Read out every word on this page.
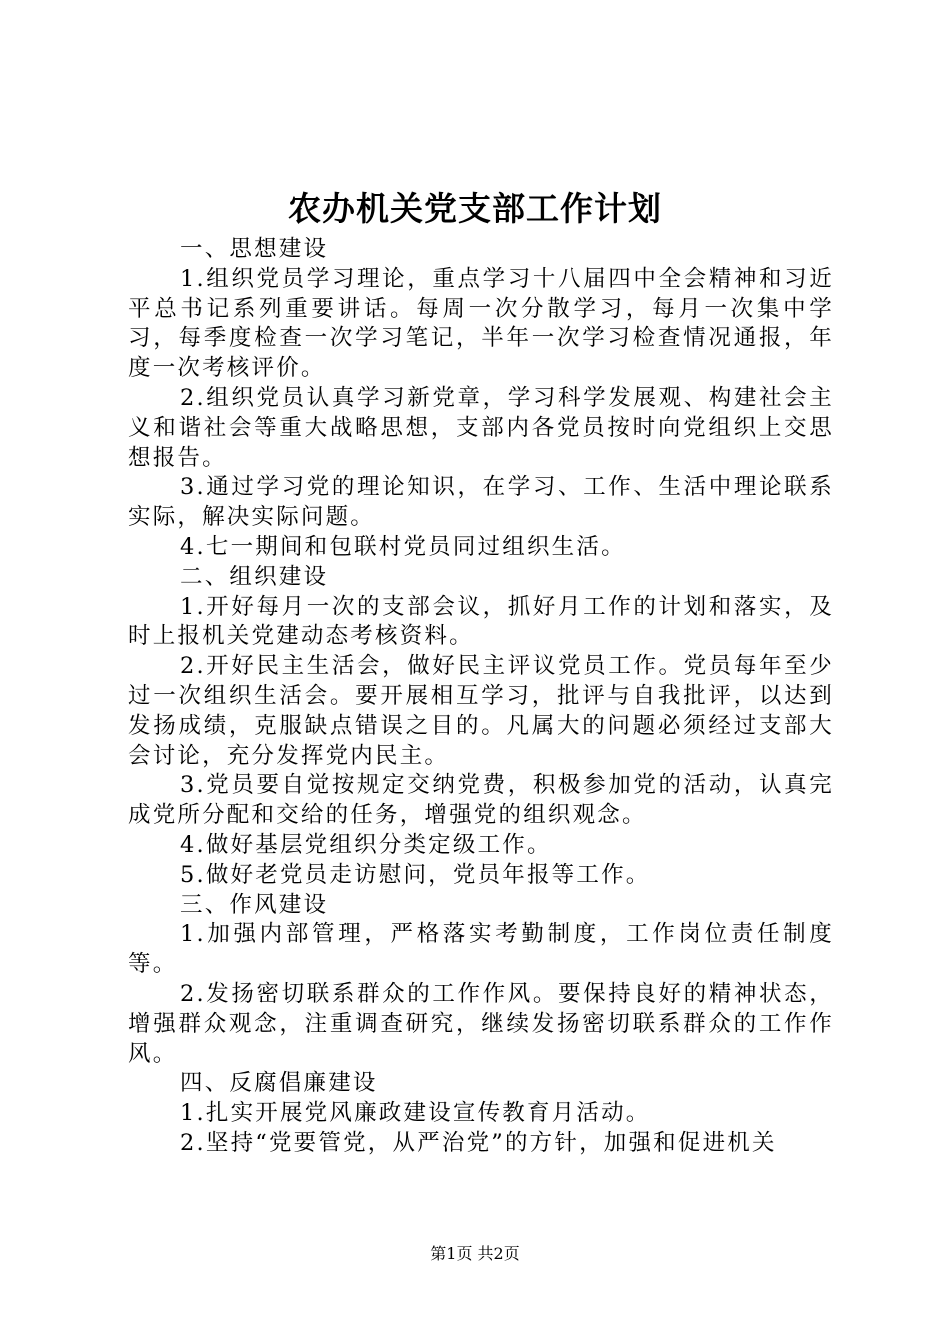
农办机关党支部工作计划

一、思想建设

1.组织党员学习理论，重点学习十八届四中全会精神和习近平总书记系列重要讲话。每周一次分散学习，每月一次集中学习，每季度检查一次学习笔记，半年一次学习检查情况通报，年度一次考核评价。

2.组织党员认真学习新党章，学习科学发展观、构建社会主义和谐社会等重大战略思想，支部内各党员按时向党组织上交思想报告。

3.通过学习党的理论知识，在学习、工作、生活中理论联系实际，解决实际问题。

4.七一期间和包联村党员同过组织生活。

二、组织建设

1.开好每月一次的支部会议，抓好月工作的计划和落实，及时上报机关党建动态考核资料。

2.开好民主生活会，做好民主评议党员工作。党员每年至少过一次组织生活会。要开展相互学习，批评与自我批评，以达到发扬成绩，克服缺点错误之目的。凡属大的问题必须经过支部大会讨论，充分发挥党内民主。

3.党员要自觉按规定交纳党费，积极参加党的活动，认真完成党所分配和交给的任务，增强党的组织观念。

4.做好基层党组织分类定级工作。

5.做好老党员走访慰问，党员年报等工作。

三、作风建设

1.加强内部管理，严格落实考勤制度，工作岗位责任制度等。

2.发扬密切联系群众的工作作风。要保持良好的精神状态，增强群众观念，注重调查研究，继续发扬密切联系群众的工作作风。

四、反腐倡廉建设

1.扎实开展党风廉政建设宣传教育月活动。

2.坚持“党要管党，从严治党”的方针，加强和促进机关

第1页 共2页
